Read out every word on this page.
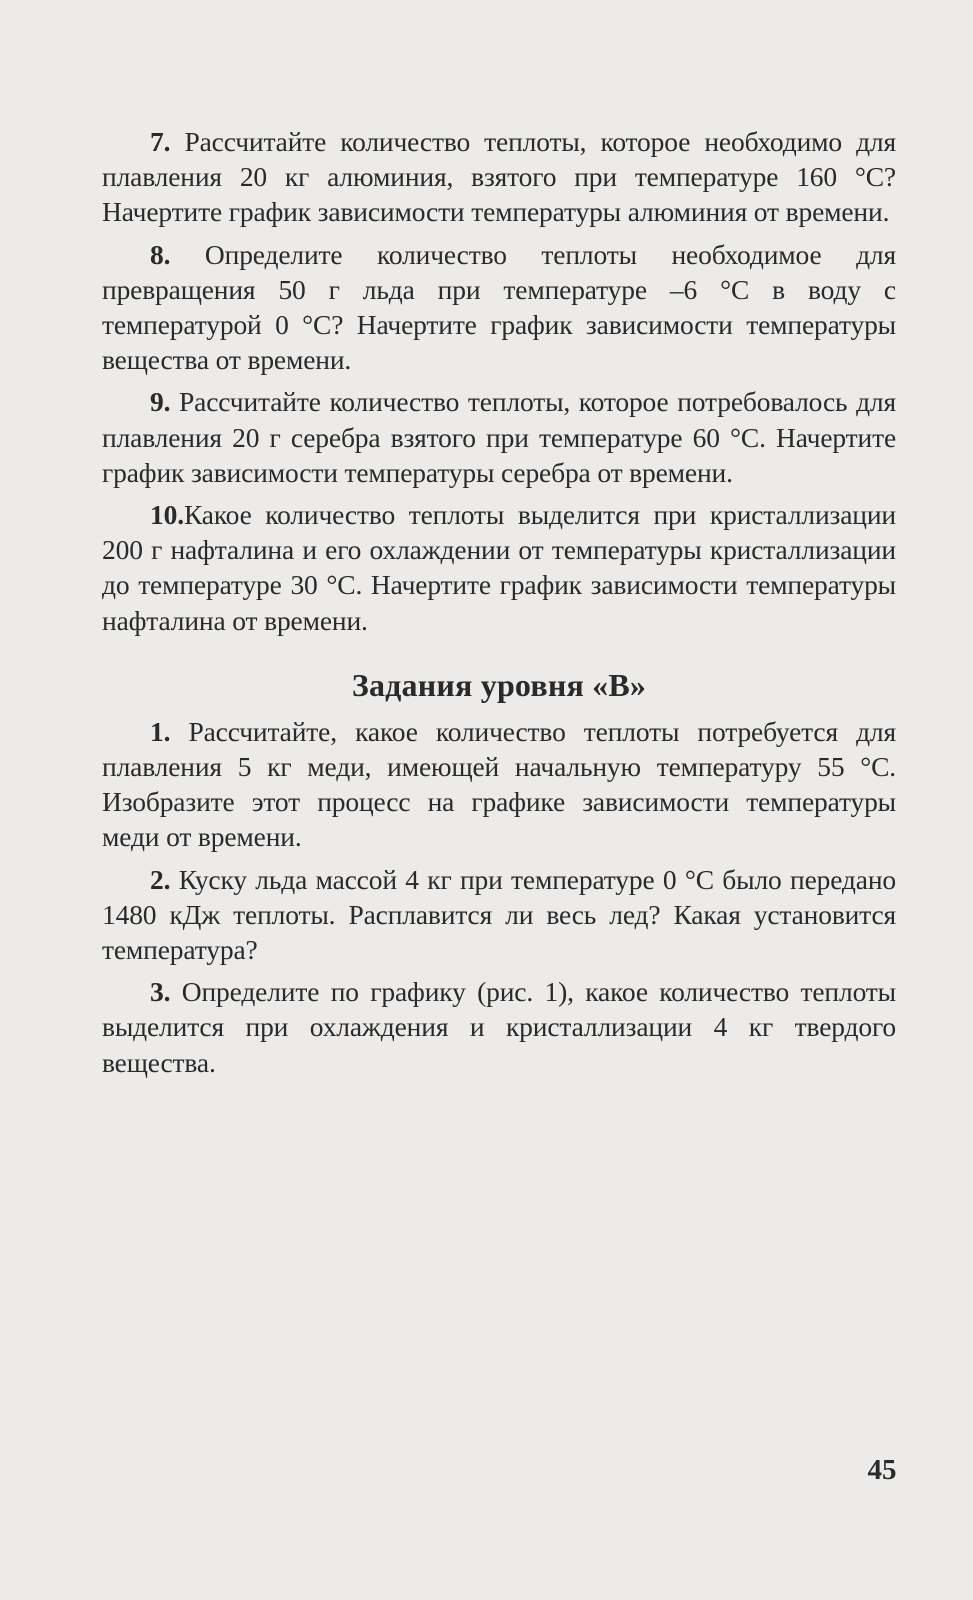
7. Рассчитайте количество теплоты, которое необходимо для плавления 20 кг алюминия, взятого при температуре 160 °С? Начертите график зависимости температуры алюминия от времени.

8. Определите количество теплоты необходимое для превращения 50 г льда при температуре –6 °С в воду с температурой 0 °С? Начертите график зависимости температуры вещества от времени.

9. Рассчитайте количество теплоты, которое потребовалось для плавления 20 г серебра взятого при температуре 60 °С. Начертите график зависимости температуры серебра от времени.

10.Какое количество теплоты выделится при кристаллизации 200 г нафталина и его охлаждении от температуры кристаллизации до температуре 30 °С. Начертите график зависимости температуры нафталина от времени.

Задания уровня «В»

1. Рассчитайте, какое количество теплоты потребуется для плавления 5 кг меди, имеющей начальную температуру 55 °С. Изобразите этот процесс на графике зависимости температуры меди от времени.

2. Куску льда массой 4 кг при температуре 0 °С было передано 1480 кДж теплоты. Расплавится ли весь лед? Какая установится температура?

3. Определите по графику (рис. 1), какое количество теплоты выделится при охлаждения и кристаллизации 4 кг твердого вещества.

45
